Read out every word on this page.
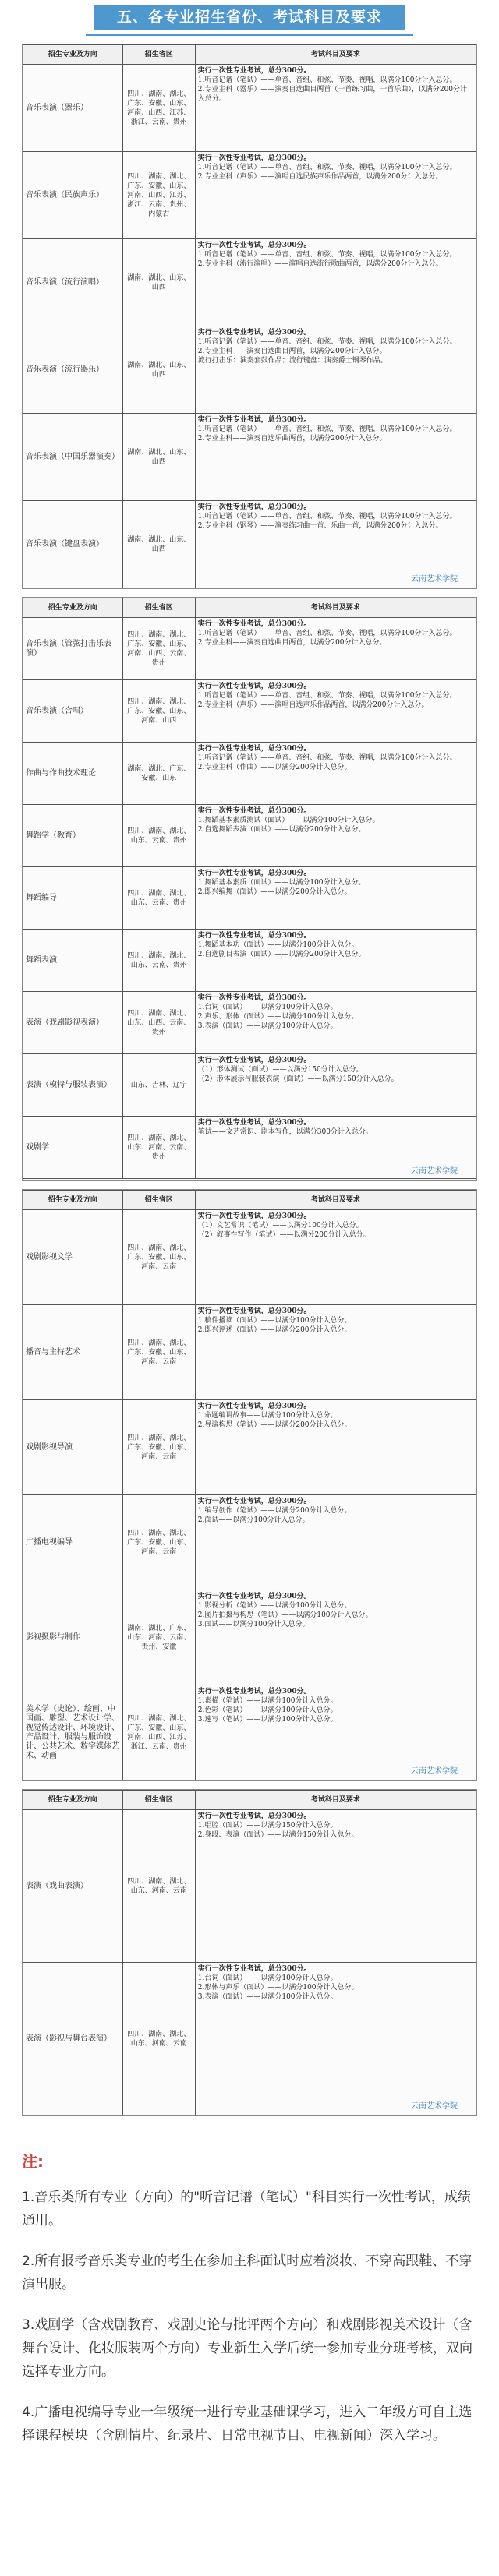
五、各专业招生省份、考试科目及要求
招生专业及方向	招生省区	考试科目及要求
音乐表演（器乐）	四川、湖南、湖北、广东、安徽、山东、河南、山西、江苏、浙江、云南、贵州	实行一次性专业考试，总分300分。
1.听音记谱（笔试）——单音、音组、和弦、节奏、视唱，以满分100分计入总分。
2.专业主科（器乐）——演奏自选曲目两首（一首练习曲，一首乐曲），以满分200分计入总分。

音乐表演（民族声乐）	四川、湖南、湖北、广东、安徽、山东、河南、山西、江苏、浙江、云南、贵州、内蒙古	实行一次性专业考试，总分300分。
1.听音记谱（笔试）——单音、音组、和弦、节奏、视唱，以满分100分计入总分。
2.专业主科（声乐）——演唱自选民族声乐作品两首，以满分200分计入总分。

音乐表演（流行演唱）	湖南、湖北、山东、山西	实行一次性专业考试，总分300分。
1.听音记谱（笔试）——单音、音组、和弦、节奏、视唱，以满分100分计入总分。
2.专业主科（流行演唱）——演唱自选流行歌曲两首，以满分200分计入总分。

音乐表演（流行器乐）	湖南、湖北、山东、山西	实行一次性专业考试，总分300分。
1.听音记谱（笔试）——单音、音组、和弦、节奏、视唱，以满分100分计入总分。
2.专业主科——演奏自选曲目两首，以满分200分计入总分。
流行打击乐：演奏套鼓作品；流行键盘：演奏爵士钢琴作品。

音乐表演（中国乐器演奏）	湖南、湖北、山东、山西	实行一次性专业考试，总分300分。
1.听音记谱（笔试）——单音、音组、和弦、节奏、视唱，以满分100分计入总分。
2.专业主科——演奏自选乐曲两首，以满分200分计入总分。

音乐表演（键盘表演）	湖南、湖北、山东、山西	实行一次性专业考试，总分300分。
1.听音记谱（笔试）——单音、音组、和弦、节奏、视唱，以满分100分计入总分。
2.专业主科（钢琴）——演奏练习曲一首、乐曲一首，以满分200分计入总分。
云南艺术学院
招生专业及方向	招生省区	考试科目及要求
音乐表演（管弦打击乐表演）	四川、湖南、湖北、广东、安徽、山东、河南、山西、云南、贵州	实行一次性专业考试，总分300分。
1.听音记谱（笔试）——单音、音组、和弦、节奏、视唱，以满分100分计入总分。
2.专业主科——演奏自选曲目两首，以满分200分计入总分。

音乐表演（合唱）	四川、湖南、湖北、广东、安徽、山东、河南、山西	实行一次性专业考试，总分300分。
1.听音记谱（笔试）——单音、音组、和弦、节奏、视唱，以满分100分计入总分。
2.专业主科（声乐）——演唱自选声乐作品两首，以满分200分计入总分。

作曲与作曲技术理论	湖南、湖北、广东、安徽、山东	实行一次性专业考试，总分300分。
1.听音记谱（笔试）——单音、音组、和弦、节奏、视唱，以满分100分计入总分。
2.专业主科（作曲）——以满分200分计入总分。

舞蹈学（教育）	四川、湖南、湖北、山东、云南、贵州	实行一次性专业考试，总分300分。
1.舞蹈基本素质测试（面试）——以满分100分计入总分。
2.自选舞蹈表演（面试）——以满分200分计入总分。

舞蹈编导	四川、湖南、湖北、山东、云南、贵州	实行一次性专业考试，总分300分。
1.舞蹈基本素质（面试）——以满分100分计入总分。
2.即兴编舞（面试）——以满分200分计入总分。

舞蹈表演	四川、湖南、湖北、山东、云南、贵州	实行一次性专业考试，总分300分。
1.舞蹈基本功（面试）——以满分100分计入总分。
2.自选剧目表演（面试）——以满分200分计入总分。

表演（戏剧影视表演）	四川、湖南、湖北、山东、山西、云南、贵州	实行一次性专业考试，总分300分。
1.台词（面试）——以满分100分计入总分。
2.声乐、形体（面试）——以满分100分计入总分。
3.表演（面试）——以满分100分计入总分。

表演（模特与服装表演）	山东、吉林、辽宁	实行一次性专业考试，总分300分。
（1）形体测试（面试）——以满分150分计入总分。
（2）形体展示与服装表演（面试）——以满分150分计入总分。

戏剧学	四川、湖南、湖北、山东、河南、云南、贵州	实行一次性专业考试，总分300分。
笔试——文艺常识、剧本写作，以满分300分计入总分。
云南艺术学院
招生专业及方向	招生省区	考试科目及要求
戏剧影视文学	四川、湖南、湖北、广东、安徽、山东、河南、云南	实行一次性专业考试，总分300分。
（1）文艺常识（笔试）——以满分100分计入总分。
（2）叙事性写作（笔试）——以满分200分计入总分。

播音与主持艺术	四川、湖南、湖北、广东、安徽、山东、河南、云南	实行一次性专业考试，总分300分。
1.稿件播读（面试）——以满分100分计入总分。
2.即兴评述（面试）——以满分200分计入总分。

戏剧影视导演	四川、湖南、湖北、广东、安徽、山东、河南、云南	实行一次性专业考试，总分300分。
1.命题编讲故事——以满分100分计入总分。
2.导演构思（笔试）——以满分200分计入总分。

广播电视编导	四川、湖南、湖北、广东、安徽、山东、河南、云南	实行一次性专业考试，总分300分。
1.编导创作（笔试）——以满分200分计入总分。
2.面试——以满分100分计入总分。

影视摄影与制作	湖南、湖北、广东、山东、河南、云南、贵州、安徽	实行一次性专业考试，总分300分。
1.影视分析（笔试）——以满分100分计入总分。
2.图片拍摄与构思（笔试）——以满分100分计入总分。
3.面试——以满分100分计入总分。

美术学（史论）、绘画、中国画、雕塑、艺术设计学、视觉传达设计、环境设计、产品设计、服装与服饰设计、公共艺术、数字媒体艺术、动画	四川、湖南、湖北、广东、安徽、山东、河南、山西、江苏、浙江、云南、贵州	实行一次性专业考试，总分300分。
1.素描（笔试）——以满分100分计入总分。
2.色彩（笔试）——以满分100分计入总分。
3.速写（笔试）——以满分100分计入总分。
云南艺术学院
招生专业及方向	招生省区	考试科目及要求
表演（戏曲表演）	四川、湖南、湖北、山东、河南、云南	实行一次性专业考试，总分300分。
1.唱腔（面试）——以满分150分计入总分。
2.身段、表演（面试）——以满分150分计入总分。

表演（影视与舞台表演）	四川、湖南、湖北、山东、河南、云南	实行一次性专业考试，总分300分。
1.台词（面试）——以满分100分计入总分。
2.形体与声乐（面试）——以满分100分计入总分。
3.表演（面试）——以满分100分计入总分。
云南艺术学院
注:

1.音乐类所有专业（方向）的"听音记谱（笔试）"科目实行一次性考试，成绩通用。

2.所有报考音乐类专业的考生在参加主科面试时应着淡妆、不穿高跟鞋、不穿演出服。

3.戏剧学（含戏剧教育、戏剧史论与批评两个方向）和戏剧影视美术设计（含舞台设计、化妆服装两个方向）专业新生入学后统一参加专业分班考核，双向选择专业方向。

4.广播电视编导专业一年级统一进行专业基础课学习，进入二年级方可自主选择课程模块（含剧情片、纪录片、日常电视节目、电视新闻）深入学习。
